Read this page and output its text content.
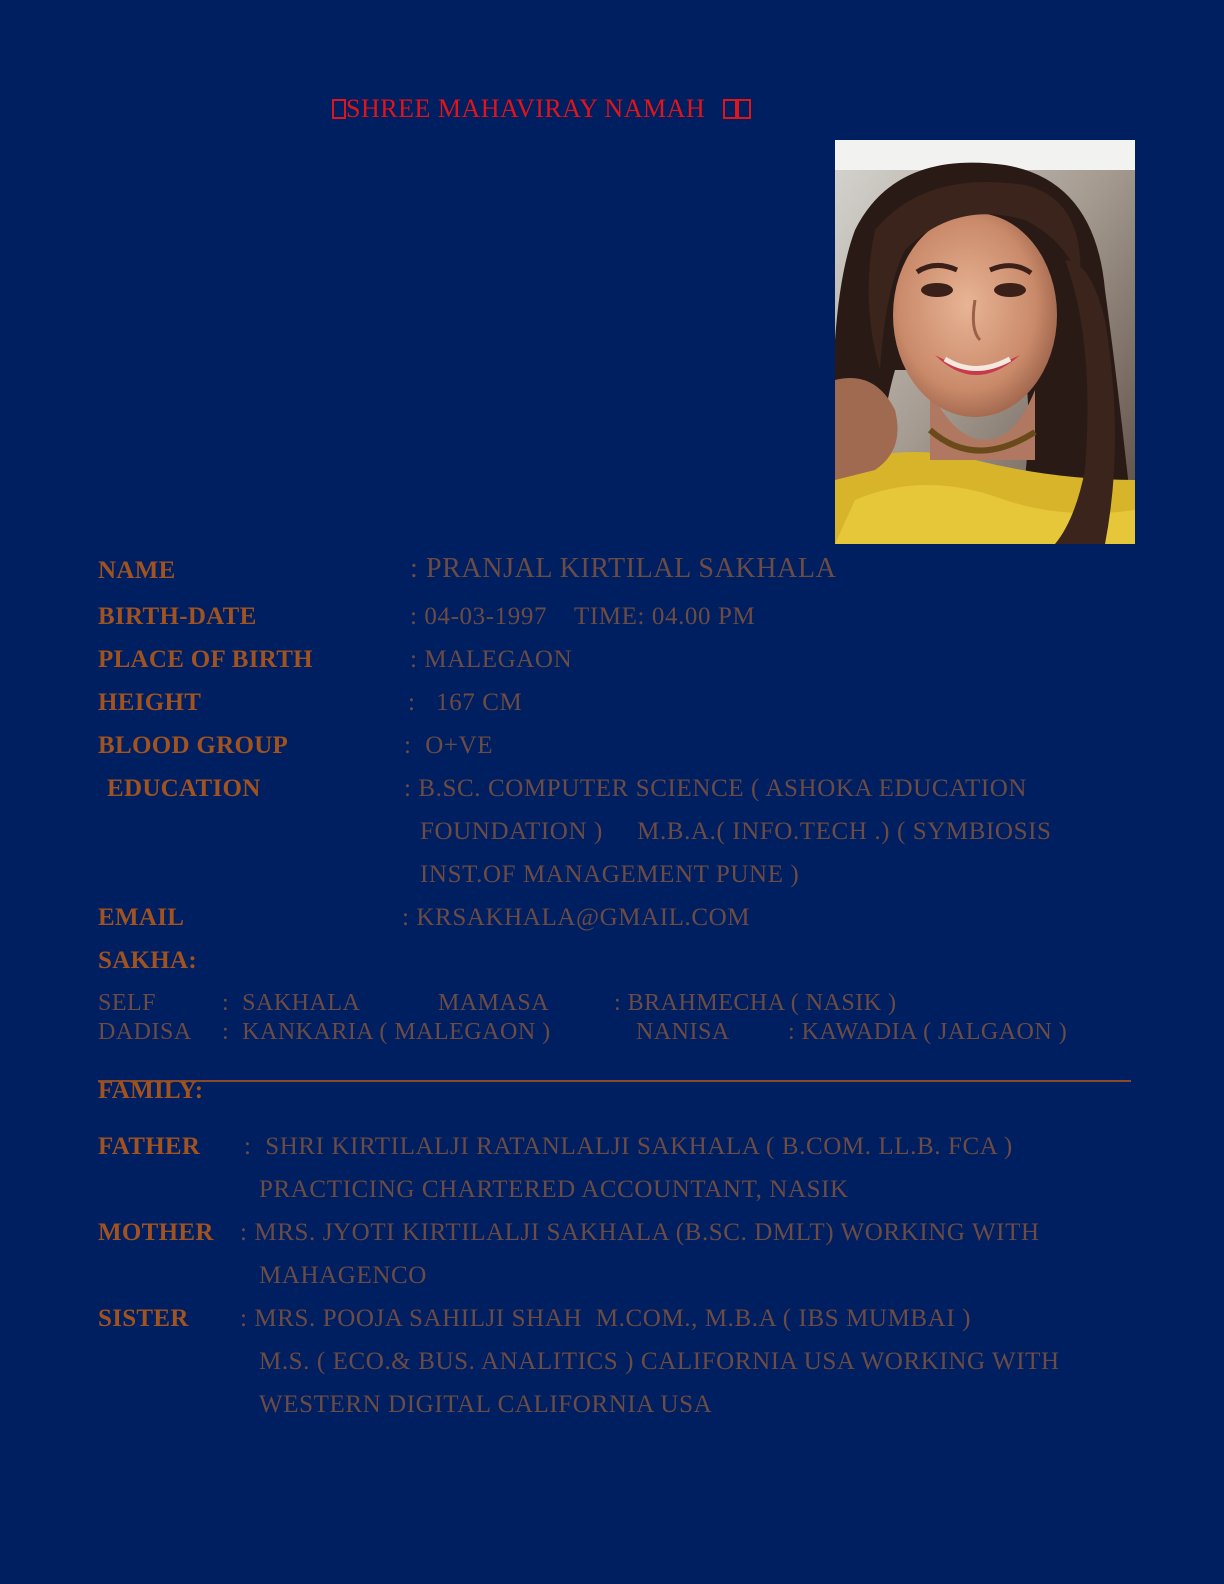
SHREE MAHAVIRAY NAMAH
NAME	: PRANJAL KIRTILAL SAKHALA
BIRTH-DATE	: 04-03-1997    TIME: 04.00 PM
PLACE OF BIRTH	: MALEGAON
HEIGHT	:   167 CM
BLOOD GROUP	:  O+VE
EDUCATION	: B.SC. COMPUTER SCIENCE ( ASHOKA EDUCATION
FOUNDATION )     M.B.A.( INFO.TECH .) ( SYMBIOSIS
INST.OF MANAGEMENT PUNE )
EMAIL	: KRSAKHALA@GMAIL.COM
SAKHA:
SELF	:  SAKHALA	MAMASA	: BRAHMECHA ( NASIK )
DADISA :  KANKARIA ( MALEGAON )	NANISA : KAWADIA ( JALGAON )
FAMILY:
FATHER :  SHRI KIRTILALJI RATANLALJI SAKHALA ( B.COM. LL.B. FCA )
PRACTICING CHARTERED ACCOUNTANT, NASIK
MOTHER : MRS. JYOTI KIRTILALJI SAKHALA (B.SC. DMLT) WORKING WITH
MAHAGENCO
SISTER : MRS. POOJA SAHILJI SHAH  M.COM., M.B.A ( IBS MUMBAI )
M.S. ( ECO.& BUS. ANALITICS ) CALIFORNIA USA WORKING WITH
WESTERN DIGITAL CALIFORNIA USA
